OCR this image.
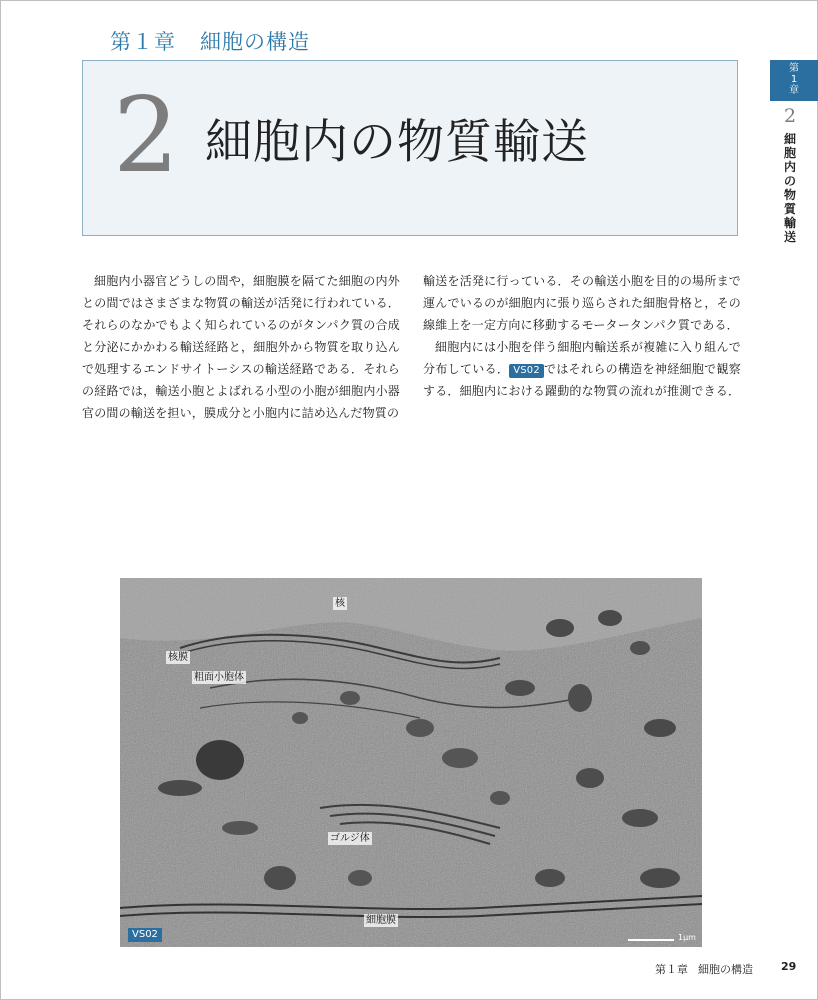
第１章 細胞の構造
2 細胞内の物質輸送
第
1
章
2
細
胞
内
の
物
質
輸
送

細胞内小器官どうしの間や，細胞膜を隔てた細胞の内外との間ではさまざまな物質の輸送が活発に行われている．それらのなかでもよく知られているのがタンパク質の合成と分泌にかかわる輸送経路と，細胞外から物質を取り込んで処理するエンドサイトーシスの輸送経路である．それらの経路では，輸送小胞とよばれる小型の小胞が細胞内小器官の間の輸送を担い，膜成分と小胞内に詰め込んだ物質の

輸送を活発に行っている．その輸送小胞を目的の場所まで運んでいるのが細胞内に張り巡らされた細胞骨格と，その線維上を一定方向に移動するモータータンパク質である．

細胞内には小胞を伴う細胞内輸送系が複雑に入り組んで分布している． VS02 ではそれらの構造を神経細胞で観察する．細胞内における躍動的な物質の流れが推測できる．

核
核膜
粗面小胞体
ゴルジ体
細胞膜
VS02	1μm
第１章 細胞の構造	29
